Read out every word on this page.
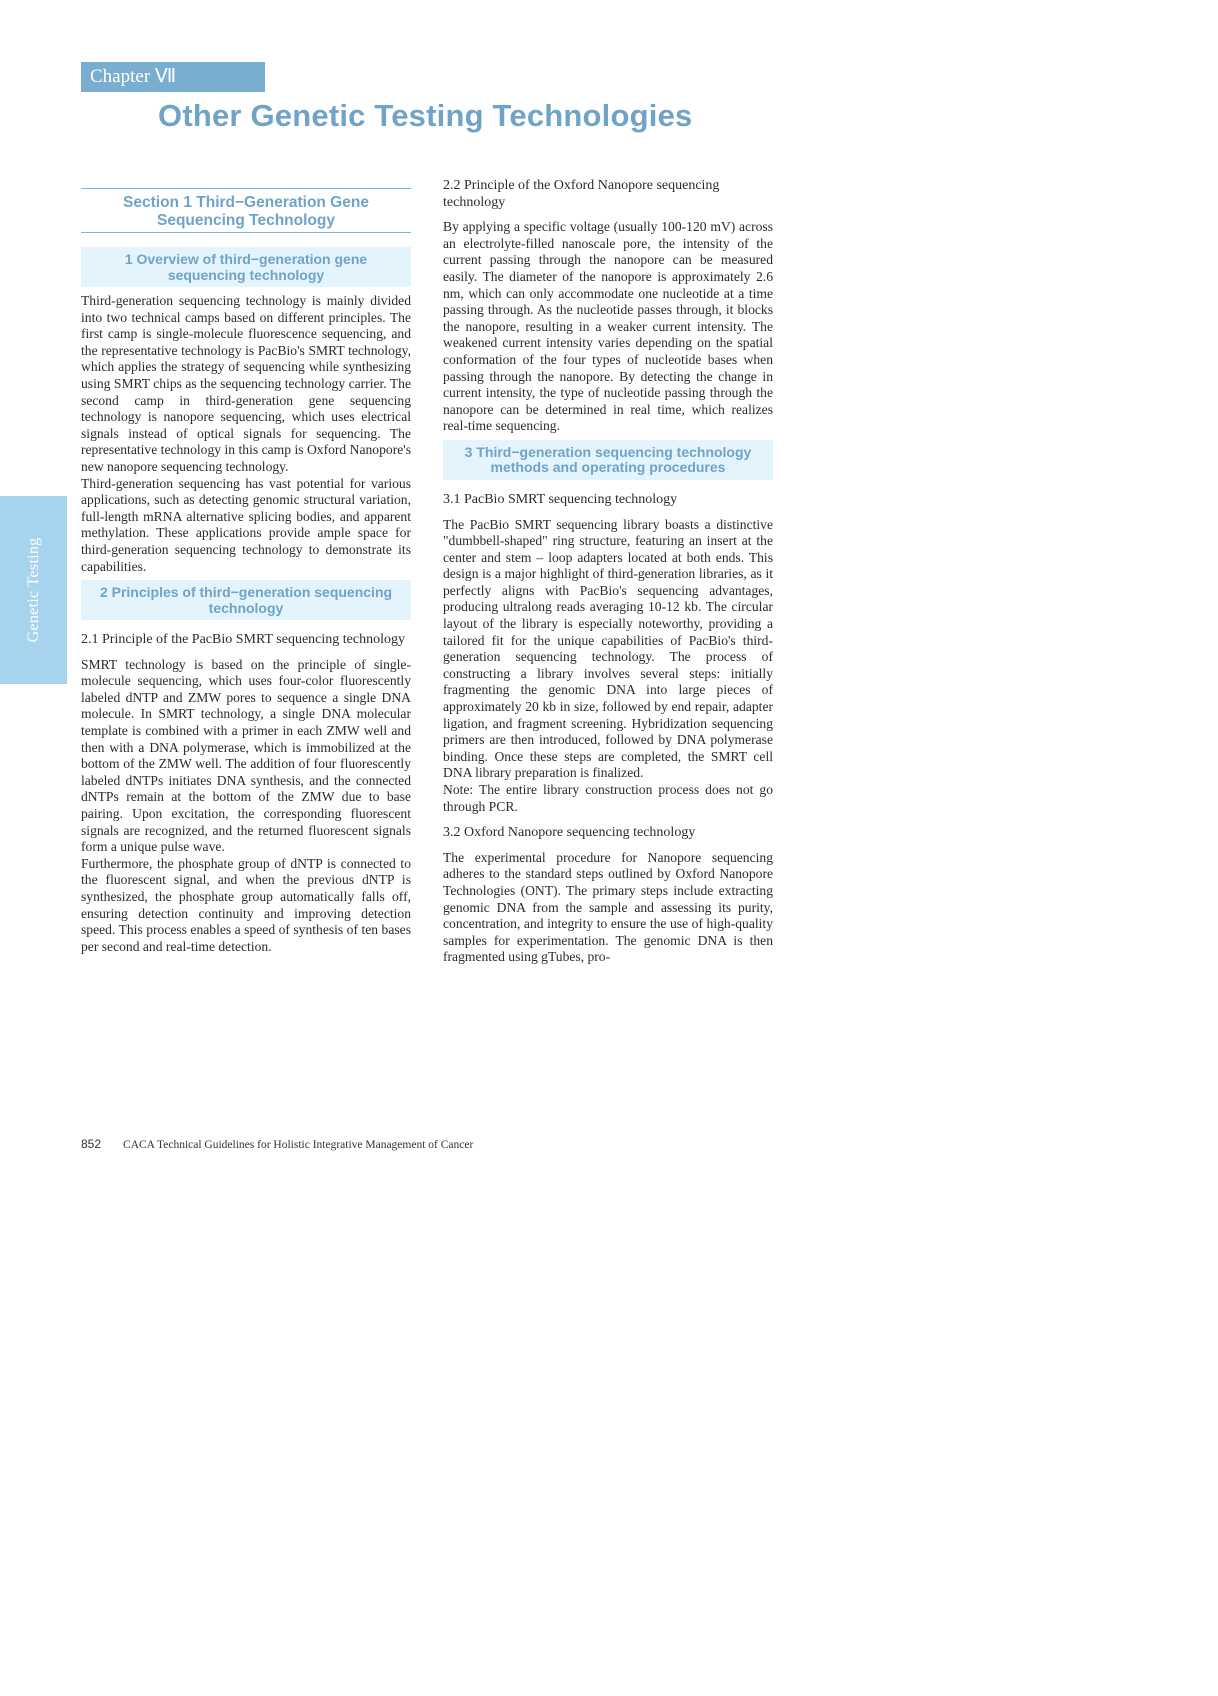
Chapter Ⅶ
Other Genetic Testing Technologies
Genetic Testing
Section 1 Third−Generation Gene Sequencing Technology
1 Overview of third−generation gene sequencing technology

Third-generation sequencing technology is mainly divided into two technical camps based on different principles. The first camp is single-molecule fluorescence sequencing, and the representative technology is PacBio's SMRT technology, which applies the strategy of sequencing while synthesizing using SMRT chips as the sequencing technology carrier. The second camp in third-generation gene sequencing technology is nanopore sequencing, which uses electrical signals instead of optical signals for sequencing. The representative technology in this camp is Oxford Nanopore's new nanopore sequencing technology.

Third-generation sequencing has vast potential for various applications, such as detecting genomic structural variation, full-length mRNA alternative splicing bodies, and apparent methylation. These applications provide ample space for third-generation sequencing technology to demonstrate its capabilities.

2 Principles of third−generation sequencing technology
2.1 Principle of the PacBio SMRT sequencing technology

SMRT technology is based on the principle of single-molecule sequencing, which uses four-color fluorescently labeled dNTP and ZMW pores to sequence a single DNA molecule. In SMRT technology, a single DNA molecular template is combined with a primer in each ZMW well and then with a DNA polymerase, which is immobilized at the bottom of the ZMW well. The addition of four fluorescently labeled dNTPs initiates DNA synthesis, and the connected dNTPs remain at the bottom of the ZMW due to base pairing. Upon excitation, the corresponding fluorescent signals are recognized, and the returned fluorescent signals form a unique pulse wave.

Furthermore, the phosphate group of dNTP is connected to the fluorescent signal, and when the previous dNTP is synthesized, the phosphate group automatically falls off, ensuring detection continuity and improving detection speed. This process enables a speed of synthesis of ten bases per second and real-time detection.

2.2 Principle of the Oxford Nanopore sequencing technology

By applying a specific voltage (usually 100-120 mV) across an electrolyte-filled nanoscale pore, the intensity of the current passing through the nanopore can be measured easily. The diameter of the nanopore is approximately 2.6 nm, which can only accommodate one nucleotide at a time passing through. As the nucleotide passes through, it blocks the nanopore, resulting in a weaker current intensity. The weakened current intensity varies depending on the spatial conformation of the four types of nucleotide bases when passing through the nanopore. By detecting the change in current intensity, the type of nucleotide passing through the nanopore can be determined in real time, which realizes real-time sequencing.

3 Third−generation sequencing technology methods and operating procedures
3.1 PacBio SMRT sequencing technology

The PacBio SMRT sequencing library boasts a distinctive "dumbbell-shaped" ring structure, featuring an insert at the center and stem – loop adapters located at both ends. This design is a major highlight of third-generation libraries, as it perfectly aligns with PacBio's sequencing advantages, producing ultralong reads averaging 10-12 kb. The circular layout of the library is especially noteworthy, providing a tailored fit for the unique capabilities of PacBio's third-generation sequencing technology. The process of constructing a library involves several steps: initially fragmenting the genomic DNA into large pieces of approximately 20 kb in size, followed by end repair, adapter ligation, and fragment screening. Hybridization sequencing primers are then introduced, followed by DNA polymerase binding. Once these steps are completed, the SMRT cell DNA library preparation is finalized.

Note: The entire library construction process does not go through PCR.

3.2 Oxford Nanopore sequencing technology

The experimental procedure for Nanopore sequencing adheres to the standard steps outlined by Oxford Nanopore Technologies (ONT). The primary steps include extracting genomic DNA from the sample and assessing its purity, concentration, and integrity to ensure the use of high-quality samples for experimentation. The genomic DNA is then fragmented using gTubes, pro-

852 CACA Technical Guidelines for Holistic Integrative Management of Cancer
